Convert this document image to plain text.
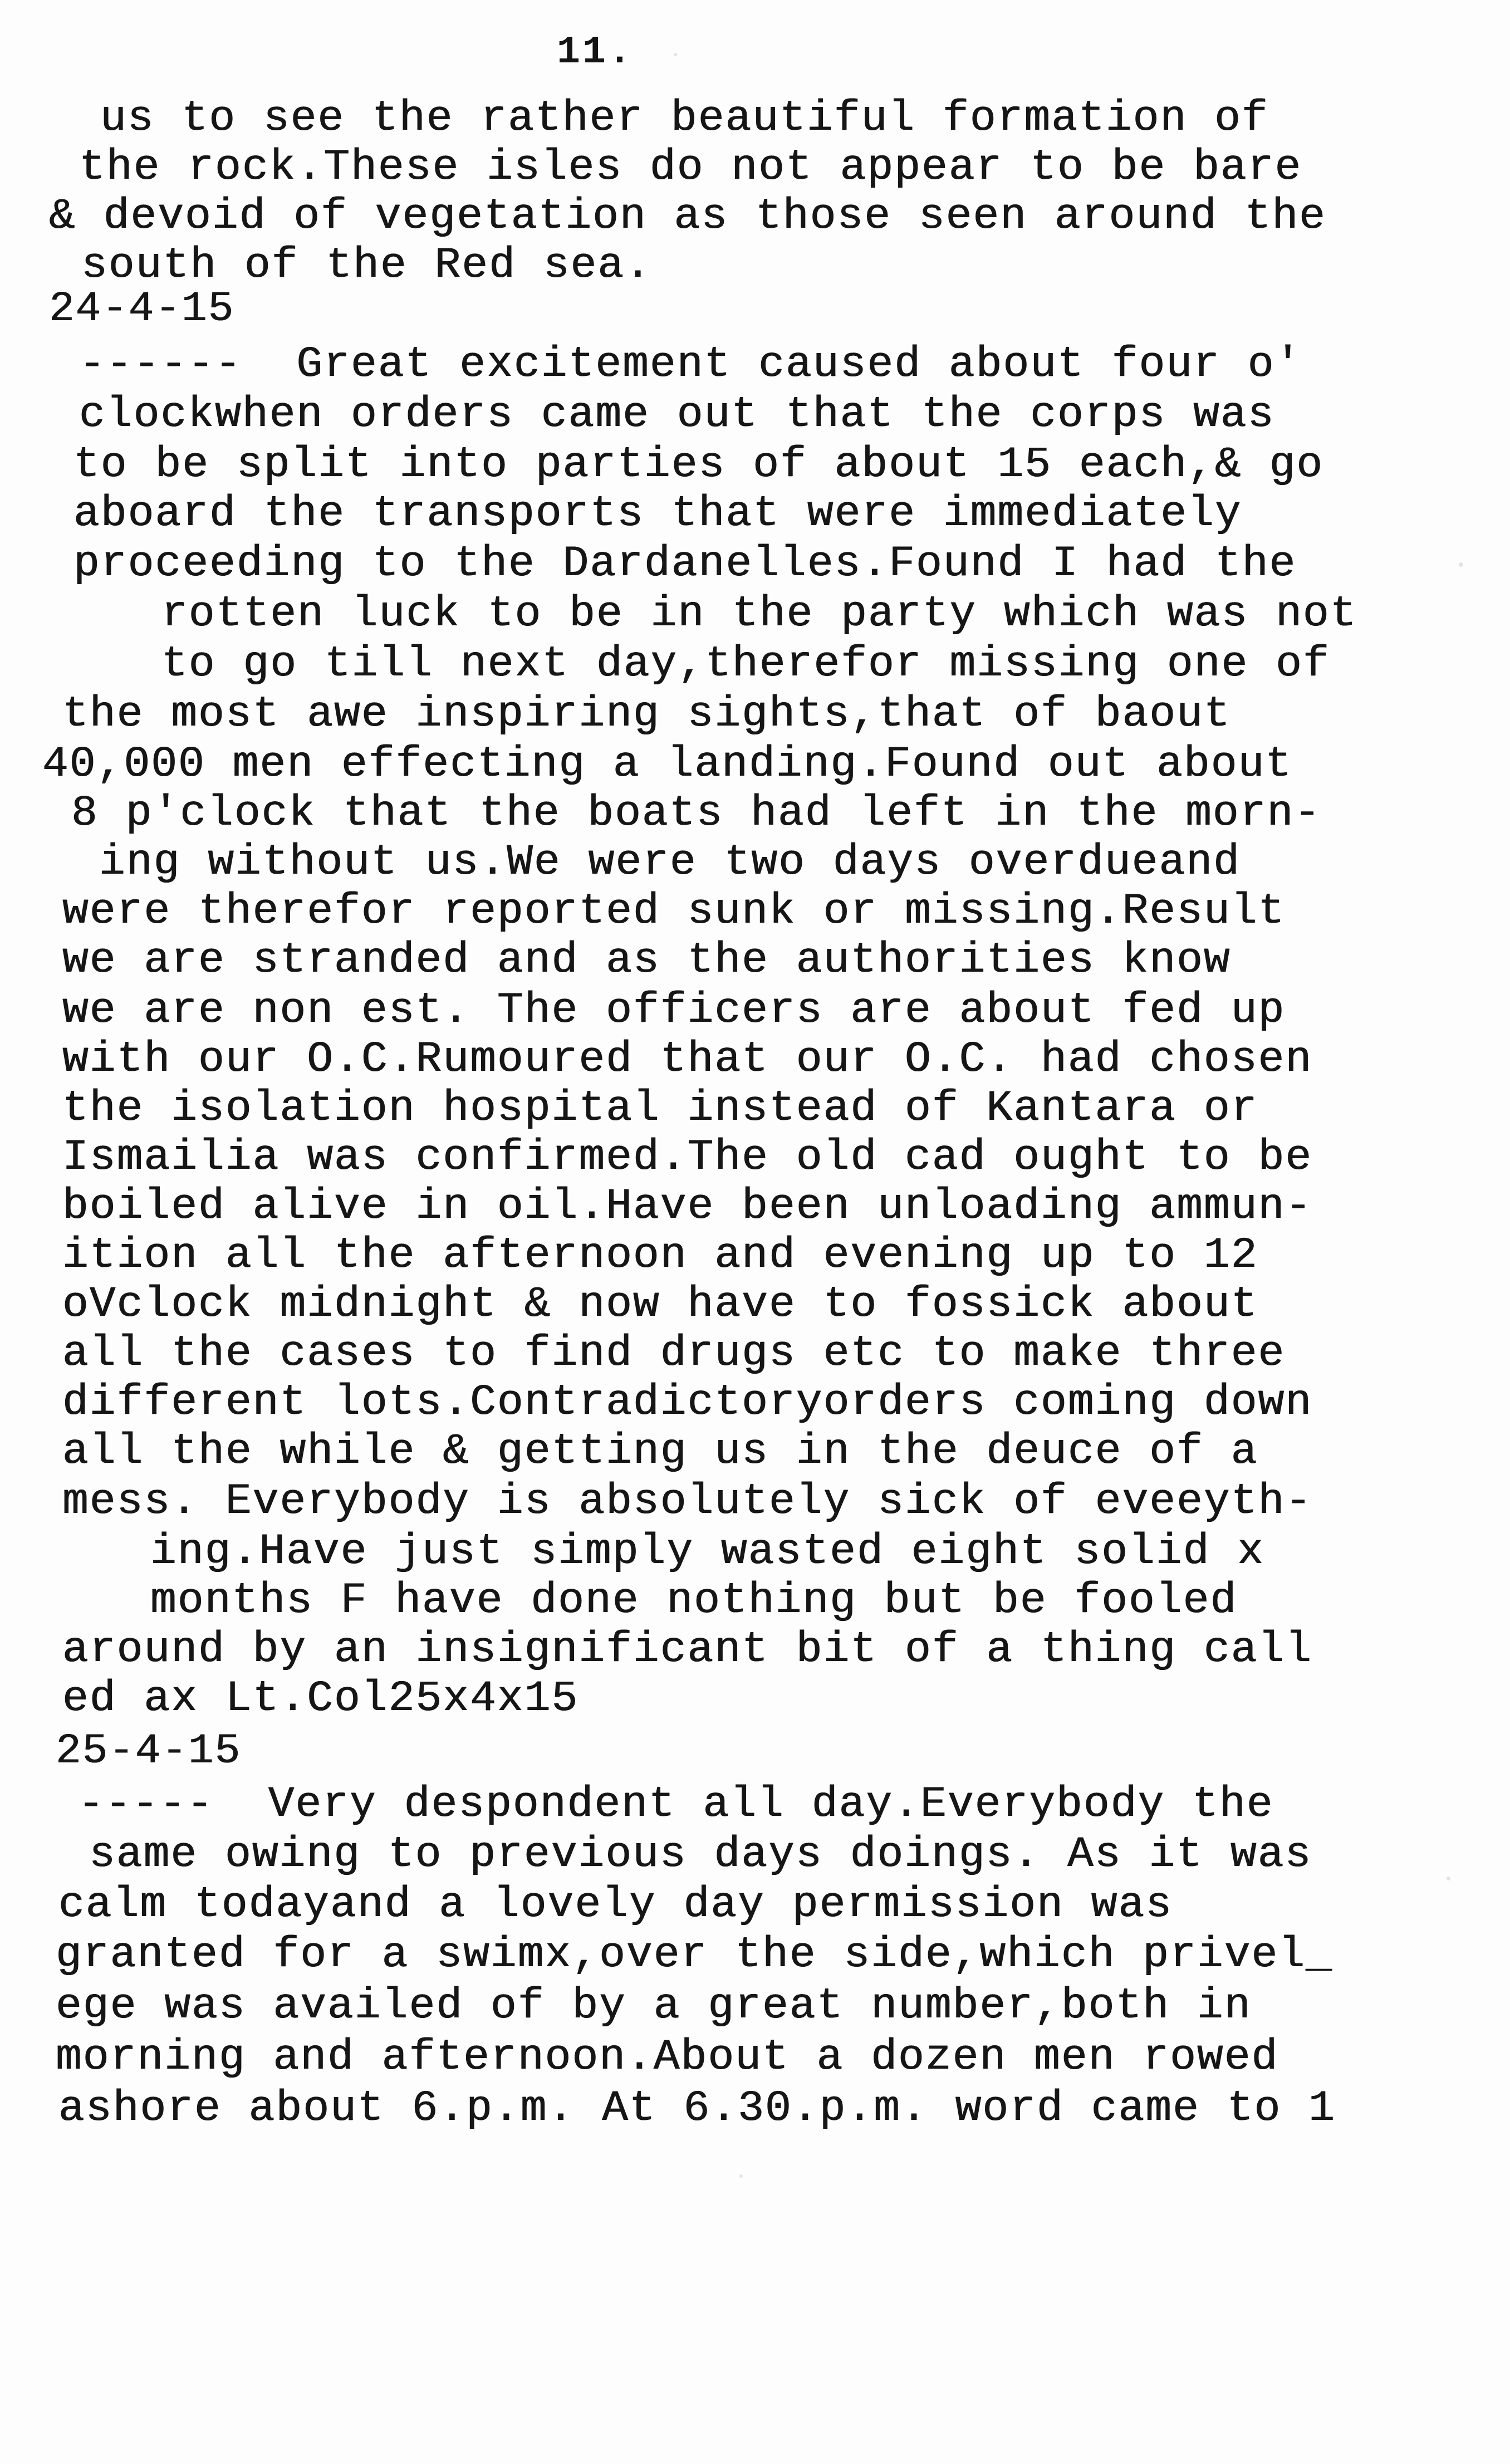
11.
us to see the rather beautiful formation of
the rock.These isles do not appear to be bare
& devoid of vegetation as those seen around the
south of the Red sea.
24-4-15
------  Great excitement caused about four o'
clockwhen orders came out that the corps was
to be split into parties of about 15 each,& go
aboard the transports that were immediately
proceeding to the Dardanelles.Found I had the
rotten luck to be in the party which was not
to go till next day,therefor missing one of
the most awe inspiring sights,that of baout
40,000 men effecting a landing.Found out about
8 p'clock that the boats had left in the morn-
ing without us.We were two days overdueand
were therefor reported sunk or missing.Result
we are stranded and as the authorities know
we are non est. The officers are about fed up
with our O.C.Rumoured that our O.C. had chosen
the isolation hospital instead of Kantara or
Ismailia was confirmed.The old cad ought to be
boiled alive in oil.Have been unloading ammun-
ition all the afternoon and evening up to 12
oVclock midnight & now have to fossick about
all the cases to find drugs etc to make three
different lots.Contradictoryorders coming down
all the while & getting us in the deuce of a
mess. Everybody is absolutely sick of eveeyth-
ing.Have just simply wasted eight solid x
months F have done nothing but be fooled
around by an insignificant bit of a thing call
ed ax Lt.Col25x4x15
25-4-15
-----  Very despondent all day.Everybody the
same owing to previous days doings. As it was
calm todayand a lovely day permission was
granted for a swimx,over the side,which privel_
ege was availed of by a great number,both in
morning and afternoon.About a dozen men rowed
ashore about 6.p.m. At 6.30.p.m. word came to 1
